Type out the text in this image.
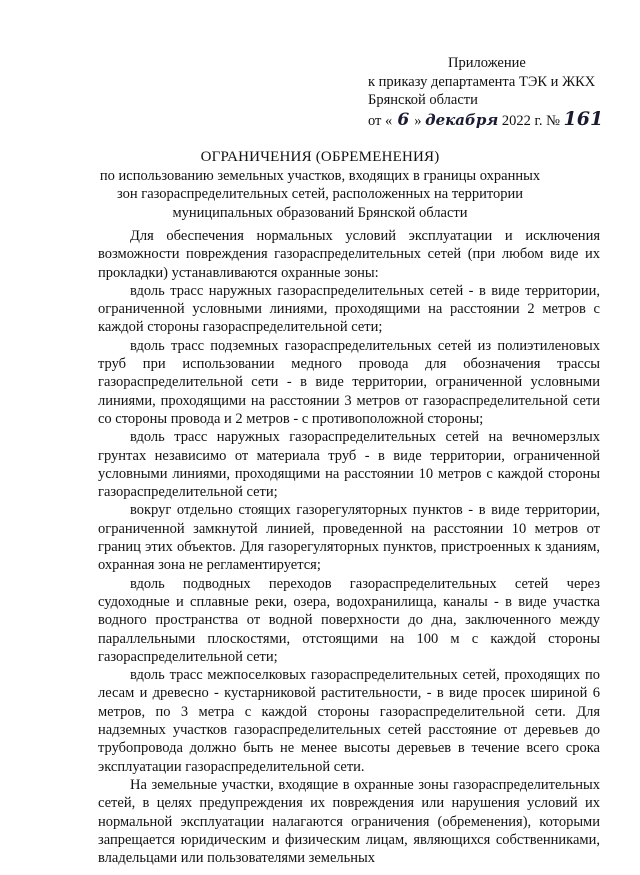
Приложение
к приказу департамента ТЭК и ЖКХ
Брянской области
от « 6 » декабря 2022 г. № 161
ОГРАНИЧЕНИЯ (ОБРЕМЕНЕНИЯ)
по использованию земельных участков, входящих в границы охранных
зон газораспределительных сетей, расположенных на территории
муниципальных образований Брянской области

Для обеспечения нормальных условий эксплуатации и исключения возможности повреждения газораспределительных сетей (при любом виде их прокладки) устанавливаются охранные зоны:

вдоль трасс наружных газораспределительных сетей - в виде территории, ограниченной условными линиями, проходящими на расстоянии 2 метров с каждой стороны газораспределительной сети;

вдоль трасс подземных газораспределительных сетей из полиэтиленовых труб при использовании медного провода для обозначения трассы газораспределительной сети - в виде территории, ограниченной условными линиями, проходящими на расстоянии 3 метров от газораспределительной сети со стороны провода и 2 метров - с противоположной стороны;

вдоль трасс наружных газораспределительных сетей на вечномерзлых грунтах независимо от материала труб - в виде территории, ограниченной условными линиями, проходящими на расстоянии 10 метров с каждой стороны газораспределительной сети;

вокруг отдельно стоящих газорегуляторных пунктов - в виде территории, ограниченной замкнутой линией, проведенной на расстоянии 10 метров от границ этих объектов. Для газорегуляторных пунктов, пристроенных к зданиям, охранная зона не регламентируется;

вдоль подводных переходов газораспределительных сетей через судоходные и сплавные реки, озера, водохранилища, каналы - в виде участка водного пространства от водной поверхности до дна, заключенного между параллельными плоскостями, отстоящими на 100 м с каждой стороны газораспределительной сети;

вдоль трасс межпоселковых газораспределительных сетей, проходящих по лесам и древесно - кустарниковой растительности, - в виде просек шириной 6 метров, по 3 метра с каждой стороны газораспределительной сети. Для надземных участков газораспределительных сетей расстояние от деревьев до трубопровода должно быть не менее высоты деревьев в течение всего срока эксплуатации газораспределительной сети.

На земельные участки, входящие в охранные зоны газораспределительных сетей, в целях предупреждения их повреждения или нарушения условий их нормальной эксплуатации налагаются ограничения (обременения), которыми запрещается юридическим и физическим лицам, являющихся собственниками, владельцами или пользователями земельных
